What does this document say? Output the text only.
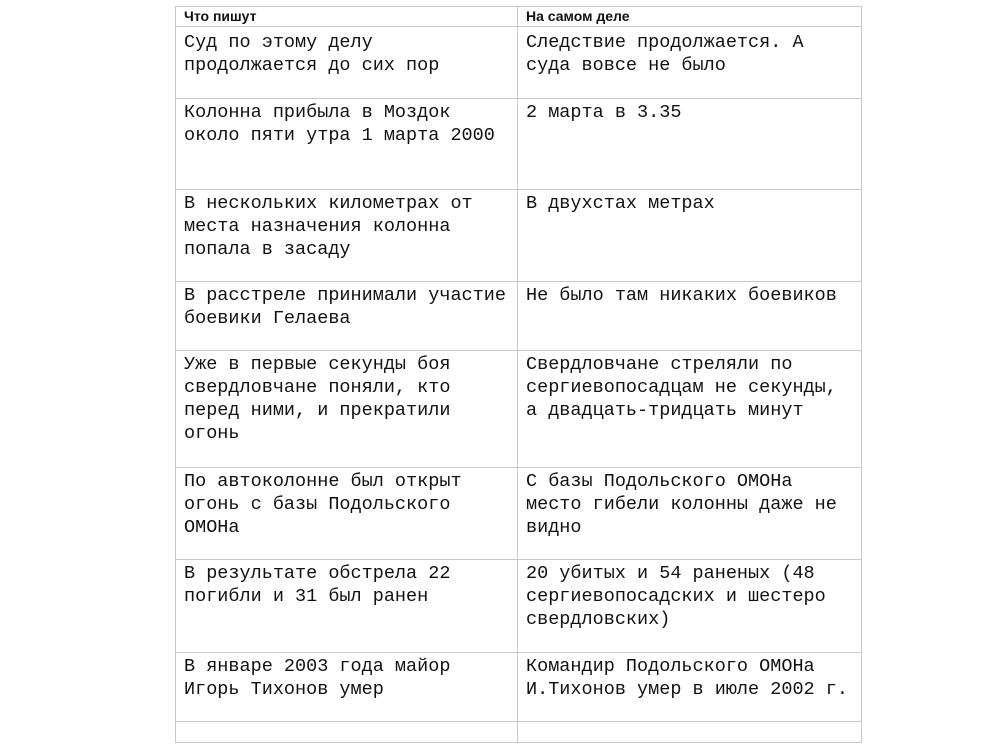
Что пишут	На самом деле

Суд по этому делу продолжается до сих пор	Следствие продолжается. А суда вовсе не было

Колонна прибыла в Моздок около пяти утра 1 марта 2000	2 марта в 3.35

В нескольких километрах от места назначения колонна попала в засаду	В двухстах метрах

В расстреле принимали участие боевики Гелаева	Не было там никаких боевиков

Уже в первые секунды боя свердловчане поняли, кто перед ними, и прекратили огонь	Свердловчане стреляли по сергиевопосадцам не секунды, а двадцать-тридцать минут

По автоколонне был открыт огонь с базы Подольского ОМОНа	С базы Подольского ОМОНа место гибели колонны даже не видно

В результате обстрела 22 погибли и 31 был ранен	20 убитых и 54 раненых (48 сергиевопосадских и шестеро свердловских)

В январе 2003 года майор Игорь Тихонов умер	Командир Подольского ОМОНа И.Тихонов умер в июле 2002 г.
